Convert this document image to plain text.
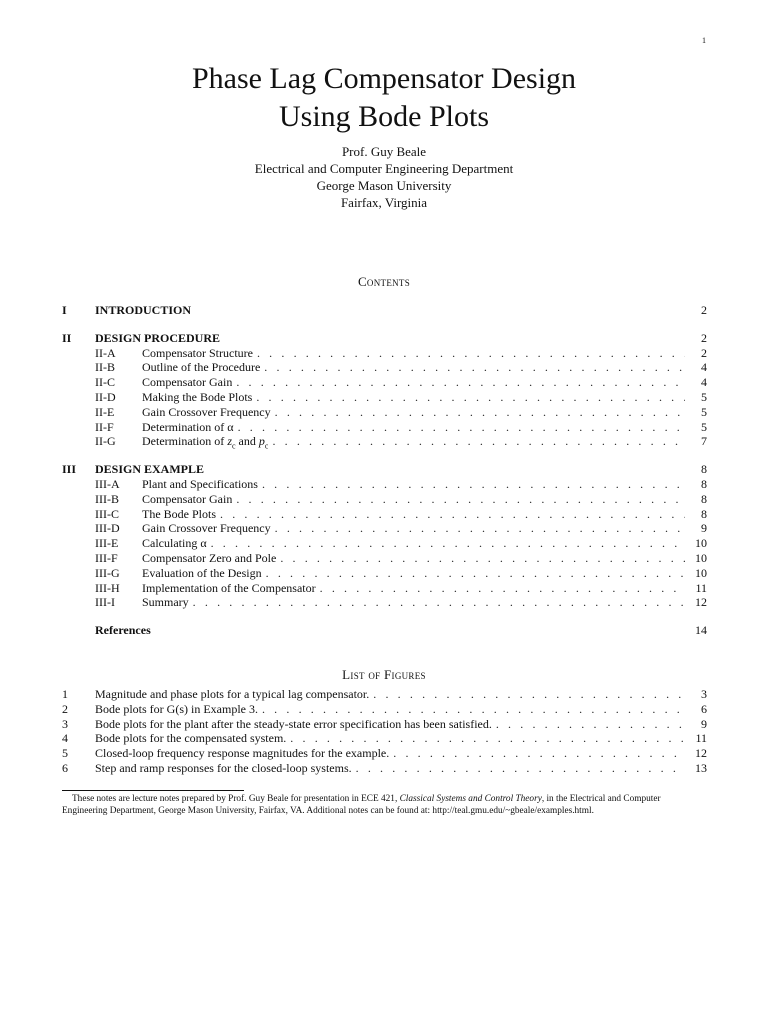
1
Phase Lag Compensator Design
Using Bode Plots
Prof. Guy Beale
Electrical and Computer Engineering Department
George Mason University
Fairfax, Virginia
Contents
I	INTRODUCTION	2
II	DESIGN PROCEDURE	2
II-A	Compensator Structure . . .	2
II-B	Outline of the Procedure . . .	4
II-C	Compensator Gain . . .	4
II-D	Making the Bode Plots . . .	5
II-E	Gain Crossover Frequency . . .	5
II-F	Determination of α . . .	5
II-G	Determination of $z_c$ and $p_c$ . . .	7
III	DESIGN EXAMPLE	8
III-A	Plant and Specifications . . .	8
III-B	Compensator Gain . . .	8
III-C	The Bode Plots . . .	8
III-D	Gain Crossover Frequency . . .	9
III-E	Calculating α . . .	10
III-F	Compensator Zero and Pole . . .	10
III-G	Evaluation of the Design . . .	10
III-H	Implementation of the Compensator . . .	11
III-I	Summary . . .	12
References	14
List of Figures
1	Magnitude and phase plots for a typical lag compensator. . . .	3
2	Bode plots for G(s) in Example 3. . . .	6
3	Bode plots for the plant after the steady-state error specification has been satisfied. . . .	9
4	Bode plots for the compensated system. . . .	11
5	Closed-loop frequency response magnitudes for the example. . . .	12
6	Step and ramp responses for the closed-loop systems. . . .	13
These notes are lecture notes prepared by Prof. Guy Beale for presentation in ECE 421, Classical Systems and Control Theory, in the Electrical and Computer Engineering Department, George Mason University, Fairfax, VA. Additional notes can be found at: http://teal.gmu.edu/~gbeale/examples.html.
